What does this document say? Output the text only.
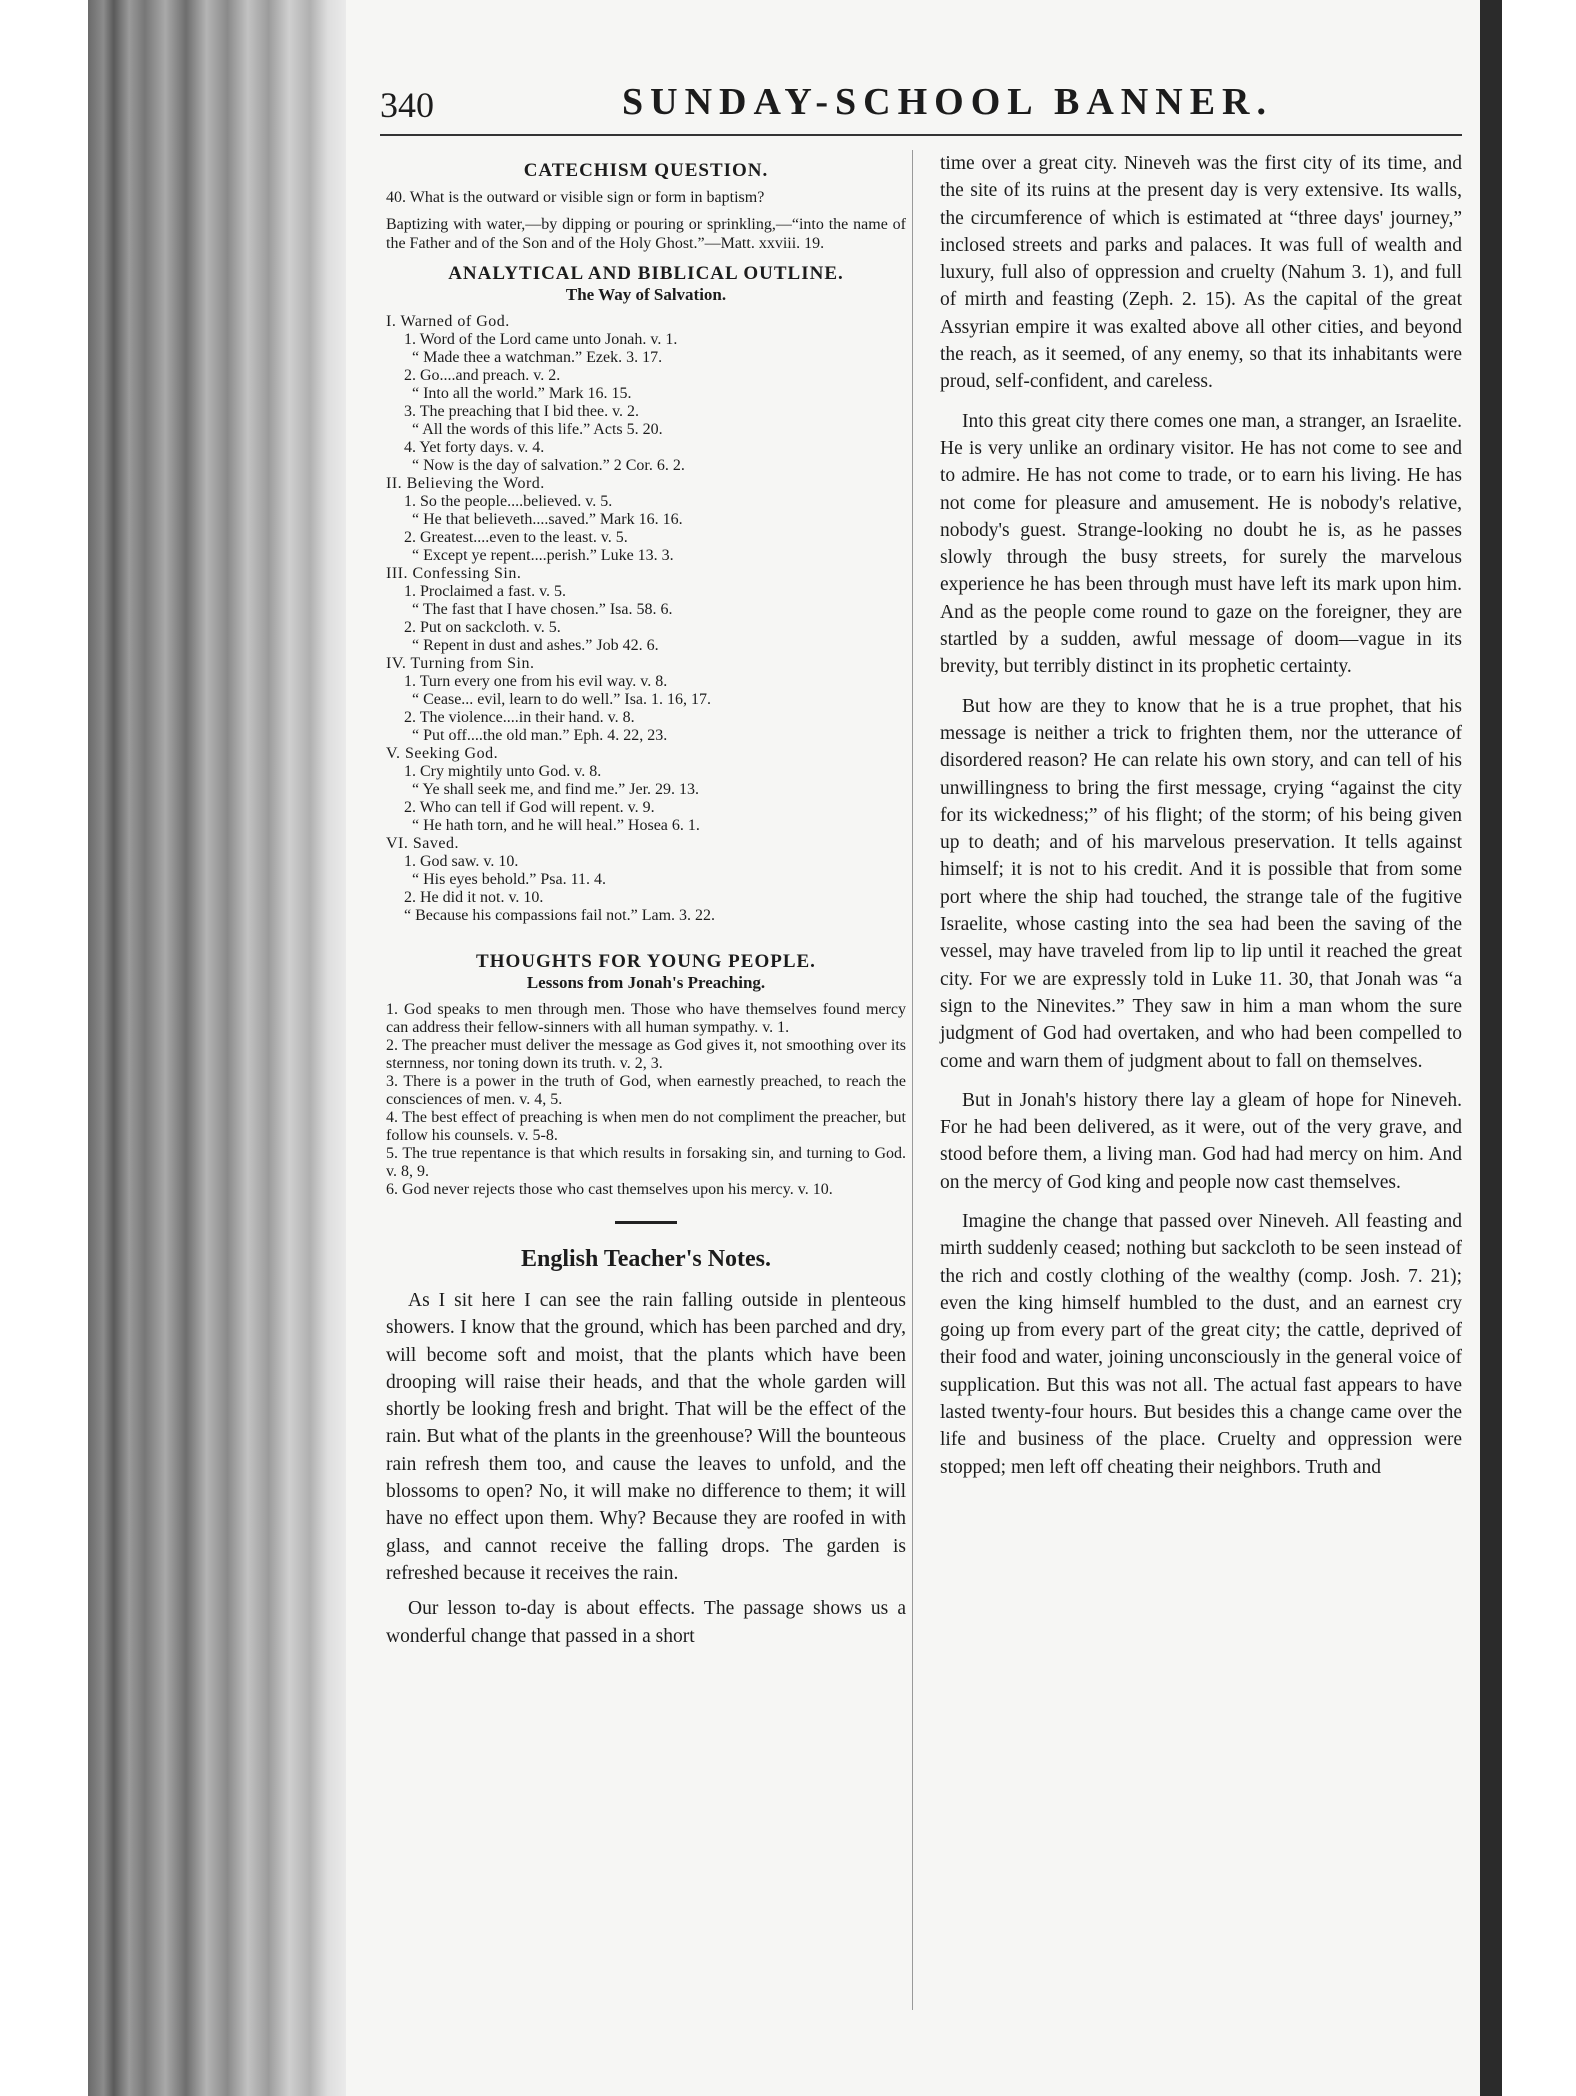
340	SUNDAY-SCHOOL BANNER.
CATECHISM QUESTION.

40. What is the outward or visible sign or form in baptism?

Baptizing with water,—by dipping or pouring or sprinkling,—“into the name of the Father and of the Son and of the Holy Ghost.”—Matt. xxviii. 19.

ANALYTICAL AND BIBLICAL OUTLINE.
The Way of Salvation.

I. Warned of God.

1. Word of the Lord came unto Jonah. v. 1.

“ Made thee a watchman.” Ezek. 3. 17.

2. Go....and preach. v. 2.

“ Into all the world.” Mark 16. 15.

3. The preaching that I bid thee. v. 2.

“ All the words of this life.” Acts 5. 20.

4. Yet forty days. v. 4.

“ Now is the day of salvation.” 2 Cor. 6. 2.

II. Believing the Word.

1. So the people....believed. v. 5.

“ He that believeth....saved.” Mark 16. 16.

2. Greatest....even to the least. v. 5.

“ Except ye repent....perish.” Luke 13. 3.

III. Confessing Sin.

1. Proclaimed a fast. v. 5.

“ The fast that I have chosen.” Isa. 58. 6.

2. Put on sackcloth. v. 5.

“ Repent in dust and ashes.” Job 42. 6.

IV. Turning from Sin.

1. Turn every one from his evil way. v. 8.

“ Cease... evil, learn to do well.” Isa. 1. 16, 17.

2. The violence....in their hand. v. 8.

“ Put off....the old man.” Eph. 4. 22, 23.

V. Seeking God.

1. Cry mightily unto God. v. 8.

“ Ye shall seek me, and find me.” Jer. 29. 13.

2. Who can tell if God will repent. v. 9.

“ He hath torn, and he will heal.” Hosea 6. 1.

VI. Saved.

1. God saw. v. 10.

“ His eyes behold.” Psa. 11. 4.

2. He did it not. v. 10.

“ Because his compassions fail not.” Lam. 3. 22.

THOUGHTS FOR YOUNG PEOPLE.
Lessons from Jonah's Preaching.

1. God speaks to men through men. Those who have themselves found mercy can address their fellow-sinners with all human sympathy. v. 1.

2. The preacher must deliver the message as God gives it, not smoothing over its sternness, nor toning down its truth. v. 2, 3.

3. There is a power in the truth of God, when earnestly preached, to reach the consciences of men. v. 4, 5.

4. The best effect of preaching is when men do not compliment the preacher, but follow his counsels. v. 5-8.

5. The true repentance is that which results in forsaking sin, and turning to God. v. 8, 9.

6. God never rejects those who cast themselves upon his mercy. v. 10.

English Teacher's Notes.

As I sit here I can see the rain falling outside in plenteous showers. I know that the ground, which has been parched and dry, will become soft and moist, that the plants which have been drooping will raise their heads, and that the whole garden will shortly be looking fresh and bright. That will be the effect of the rain. But what of the plants in the greenhouse? Will the bounteous rain refresh them too, and cause the leaves to unfold, and the blossoms to open? No, it will make no difference to them; it will have no effect upon them. Why? Because they are roofed in with glass, and cannot receive the falling drops. The garden is refreshed because it receives the rain.

Our lesson to-day is about effects. The passage shows us a wonderful change that passed in a short

time over a great city. Nineveh was the first city of its time, and the site of its ruins at the present day is very extensive. Its walls, the circumference of which is estimated at “three days' journey,” inclosed streets and parks and palaces. It was full of wealth and luxury, full also of oppression and cruelty (Nahum 3. 1), and full of mirth and feasting (Zeph. 2. 15). As the capital of the great Assyrian empire it was exalted above all other cities, and beyond the reach, as it seemed, of any enemy, so that its inhabitants were proud, self-confident, and careless.

Into this great city there comes one man, a stranger, an Israelite. He is very unlike an ordinary visitor. He has not come to see and to admire. He has not come to trade, or to earn his living. He has not come for pleasure and amusement. He is nobody's relative, nobody's guest. Strange-looking no doubt he is, as he passes slowly through the busy streets, for surely the marvelous experience he has been through must have left its mark upon him. And as the people come round to gaze on the foreigner, they are startled by a sudden, awful message of doom—vague in its brevity, but terribly distinct in its prophetic certainty.

But how are they to know that he is a true prophet, that his message is neither a trick to frighten them, nor the utterance of disordered reason? He can relate his own story, and can tell of his unwillingness to bring the first message, crying “against the city for its wickedness;” of his flight; of the storm; of his being given up to death; and of his marvelous preservation. It tells against himself; it is not to his credit. And it is possible that from some port where the ship had touched, the strange tale of the fugitive Israelite, whose casting into the sea had been the saving of the vessel, may have traveled from lip to lip until it reached the great city. For we are expressly told in Luke 11. 30, that Jonah was “a sign to the Ninevites.” They saw in him a man whom the sure judgment of God had overtaken, and who had been compelled to come and warn them of judgment about to fall on themselves.

But in Jonah's history there lay a gleam of hope for Nineveh. For he had been delivered, as it were, out of the very grave, and stood before them, a living man. God had had mercy on him. And on the mercy of God king and people now cast themselves.

Imagine the change that passed over Nineveh. All feasting and mirth suddenly ceased; nothing but sackcloth to be seen instead of the rich and costly clothing of the wealthy (comp. Josh. 7. 21); even the king himself humbled to the dust, and an earnest cry going up from every part of the great city; the cattle, deprived of their food and water, joining unconsciously in the general voice of supplication. But this was not all. The actual fast appears to have lasted twenty-four hours. But besides this a change came over the life and business of the place. Cruelty and oppression were stopped; men left off cheating their neighbors. Truth and
